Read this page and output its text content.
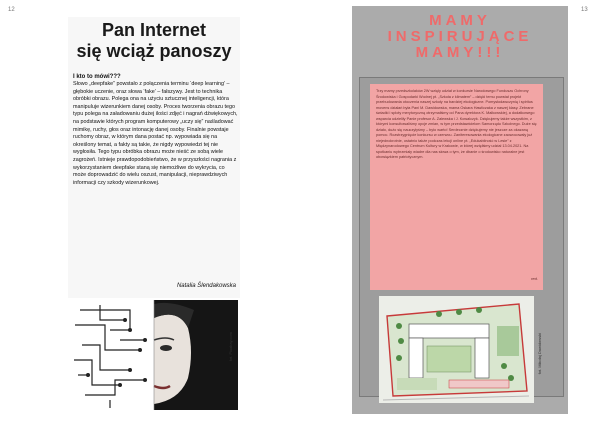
12	13
Pan Internet
się wciąż panoszy
I kto to mówi???
Słowo „deepfake” powstało z połączenia terminu ‘deep learning’ – głębokie uczenie, oraz słowa ‘fake’ – fałszywy. Jest to technika obróbki obrazu. Polega ona na użyciu sztucznej inteligencji, która manipuluje wizerunkiem danej osoby. Proces tworzenia obrazu tego typu polega na załadowaniu dużej ilości zdjęć i nagrań dźwiękowych, na podstawie których program komputerowy „uczy się” naśladować mimikę, ruchy, głos oraz intonację danej osoby. Finalnie powstaje ruchomy obraz, w którym dana postać np. wypowiada się na określony temat, a fakty są takie, że nigdy wypowiedzi tej nie wygłosiła. Tego typu obróbka obrazu może nieść ze sobą wiele zagrożeń. Istnieje prawdopodobieństwo, że w przyszłości nagrania z wykorzystaniem deepfake staną się niemożliwe do wykrycia, co może doprowadzić do wielu oszust, manipulacji, nieprawdziwych informacji czy szkody wizerunkowej.
Natalia Ślendakowska
fot. Pixabay.com
MAMY
INSPIRUJĄCE
MAMY!!!
Trzy mamy przedszkolaków 2W wzięły udział w konkursie Narodowego Funduszu Ochrony Środowiska i Gospodarki Wodnej pt. „Szkoła z klimatem” – dzięki temu powstał projekt przebudowania otoczenia naszej szkoły na bardziej ekologiczne. Pomysłodawczynią i spiritus movens działań była Pani M. Dawidowska, mama Oskara Hawliczaka z naszej klasy. Zebrane świadki i sploty merytoryczną otrzymaliśmy od Pana dyrektora K. Małkowskiej, a dodatkowego wsparcia udzieliły Panie profesor A. Zalewska i J. Kowalczyk. Dziękujemy także wszystkim, z którymi konsultowaliśmy opcje zmian, w tym przedstawicielom Samorządu Szkolnego. Duże się działo, dużo się nauczyłyśmy – było warto! Serdecznie dziękujemy nie jeszcze za okazaną pomoc. Rozstrzygnięcie konkursu w czerwcu. Zaniteresowania ekologiczne zaowocowały już niejednokrotnie, ostatnio także podczas lekcji online pt. „Edukabilność w Lesie” z Międzynarodowego Centrum Kultury w Krakowie, w której wzięliśmy udział 13.04.2021. Na spotkaniu wybrzmiały wiadre dla nas słowa o tym, że dbanie o środowisko naturalne jest obowiązkiem patriotycznym.
red.
fot. Mikołaj Dawidowski
